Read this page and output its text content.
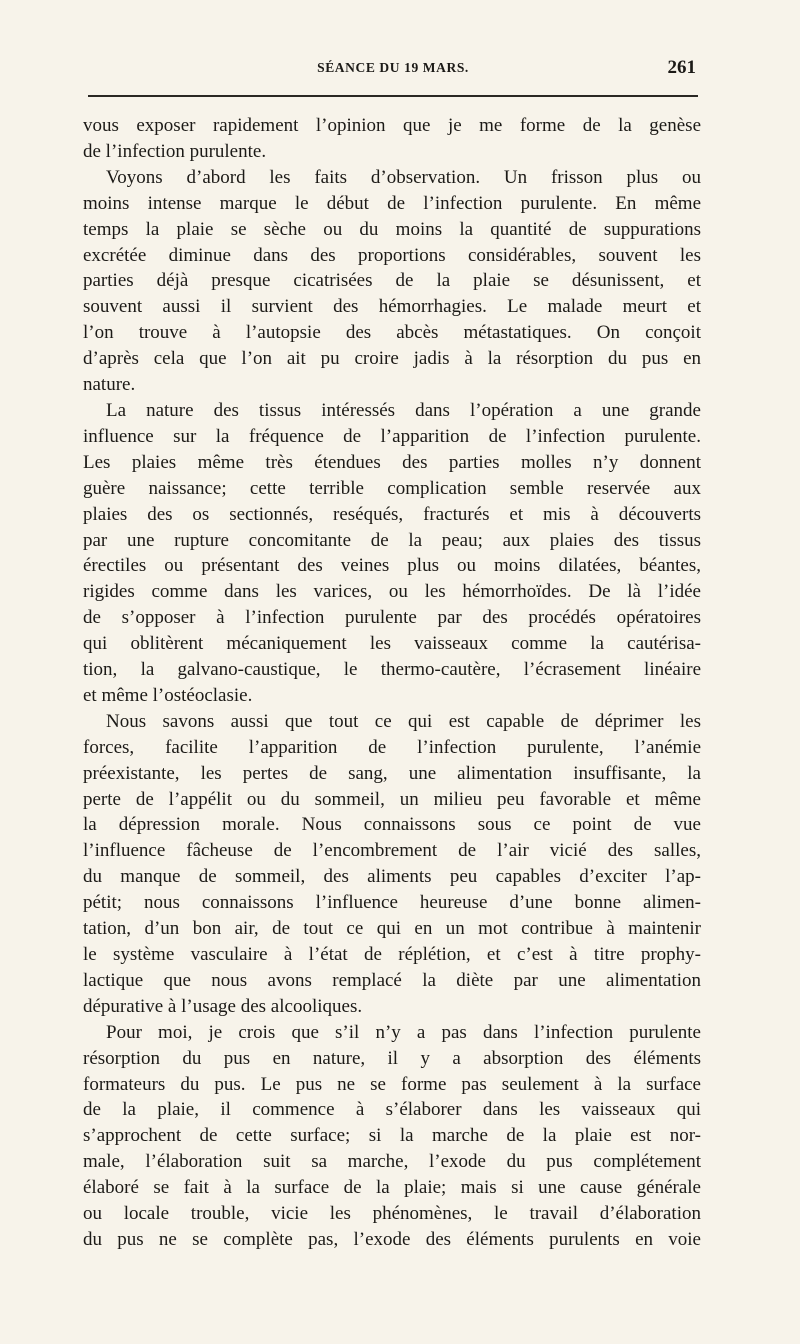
SÉANCE DU 19 MARS.	261

vous exposer rapidement l’opinion que je me forme de la genèse

de l’infection purulente.

Voyons d’abord les faits d’observation. Un frisson plus ou

moins intense marque le début de l’infection purulente. En même

temps la plaie se sèche ou du moins la quantité de suppurations

excrétée diminue dans des proportions considérables, souvent les

parties déjà presque cicatrisées de la plaie se désunissent, et

souvent aussi il survient des hémorrhagies. Le malade meurt et

l’on trouve à l’autopsie des abcès métastatiques. On conçoit

d’après cela que l’on ait pu croire jadis à la résorption du pus en

nature.

La nature des tissus intéressés dans l’opération a une grande

influence sur la fréquence de l’apparition de l’infection purulente.

Les plaies même très étendues des parties molles n’y donnent

guère naissance; cette terrible complication semble reservée aux

plaies des os sectionnés, reséqués, fracturés et mis à découverts

par une rupture concomitante de la peau; aux plaies des tissus

érectiles ou présentant des veines plus ou moins dilatées, béantes,

rigides comme dans les varices, ou les hémorrhoïdes. De là l’idée

de s’opposer à l’infection purulente par des procédés opératoires

qui oblitèrent mécaniquement les vaisseaux comme la cautérisa-

tion, la galvano-caustique, le thermo-cautère, l’écrasement linéaire

et même l’ostéoclasie.

Nous savons aussi que tout ce qui est capable de déprimer les

forces, facilite l’apparition de l’infection purulente, l’anémie

préexistante, les pertes de sang, une alimentation insuffisante, la

perte de l’appélit ou du sommeil, un milieu peu favorable et même

la dépression morale. Nous connaissons sous ce point de vue

l’influence fâcheuse de l’encombrement de l’air vicié des salles,

du manque de sommeil, des aliments peu capables d’exciter l’ap-

pétit; nous connaissons l’influence heureuse d’une bonne alimen-

tation, d’un bon air, de tout ce qui en un mot contribue à maintenir

le système vasculaire à l’état de réplétion, et c’est à titre prophy-

lactique que nous avons remplacé la diète par une alimentation

dépurative à l’usage des alcooliques.

Pour moi, je crois que s’il n’y a pas dans l’infection purulente

résorption du pus en nature, il y a absorption des éléments

formateurs du pus. Le pus ne se forme pas seulement à la surface

de la plaie, il commence à s’élaborer dans les vaisseaux qui

s’approchent de cette surface; si la marche de la plaie est nor-

male, l’élaboration suit sa marche, l’exode du pus complétement

élaboré se fait à la surface de la plaie; mais si une cause générale

ou locale trouble, vicie les phénomènes, le travail d’élaboration

du pus ne se complète pas, l’exode des éléments purulents en voie
